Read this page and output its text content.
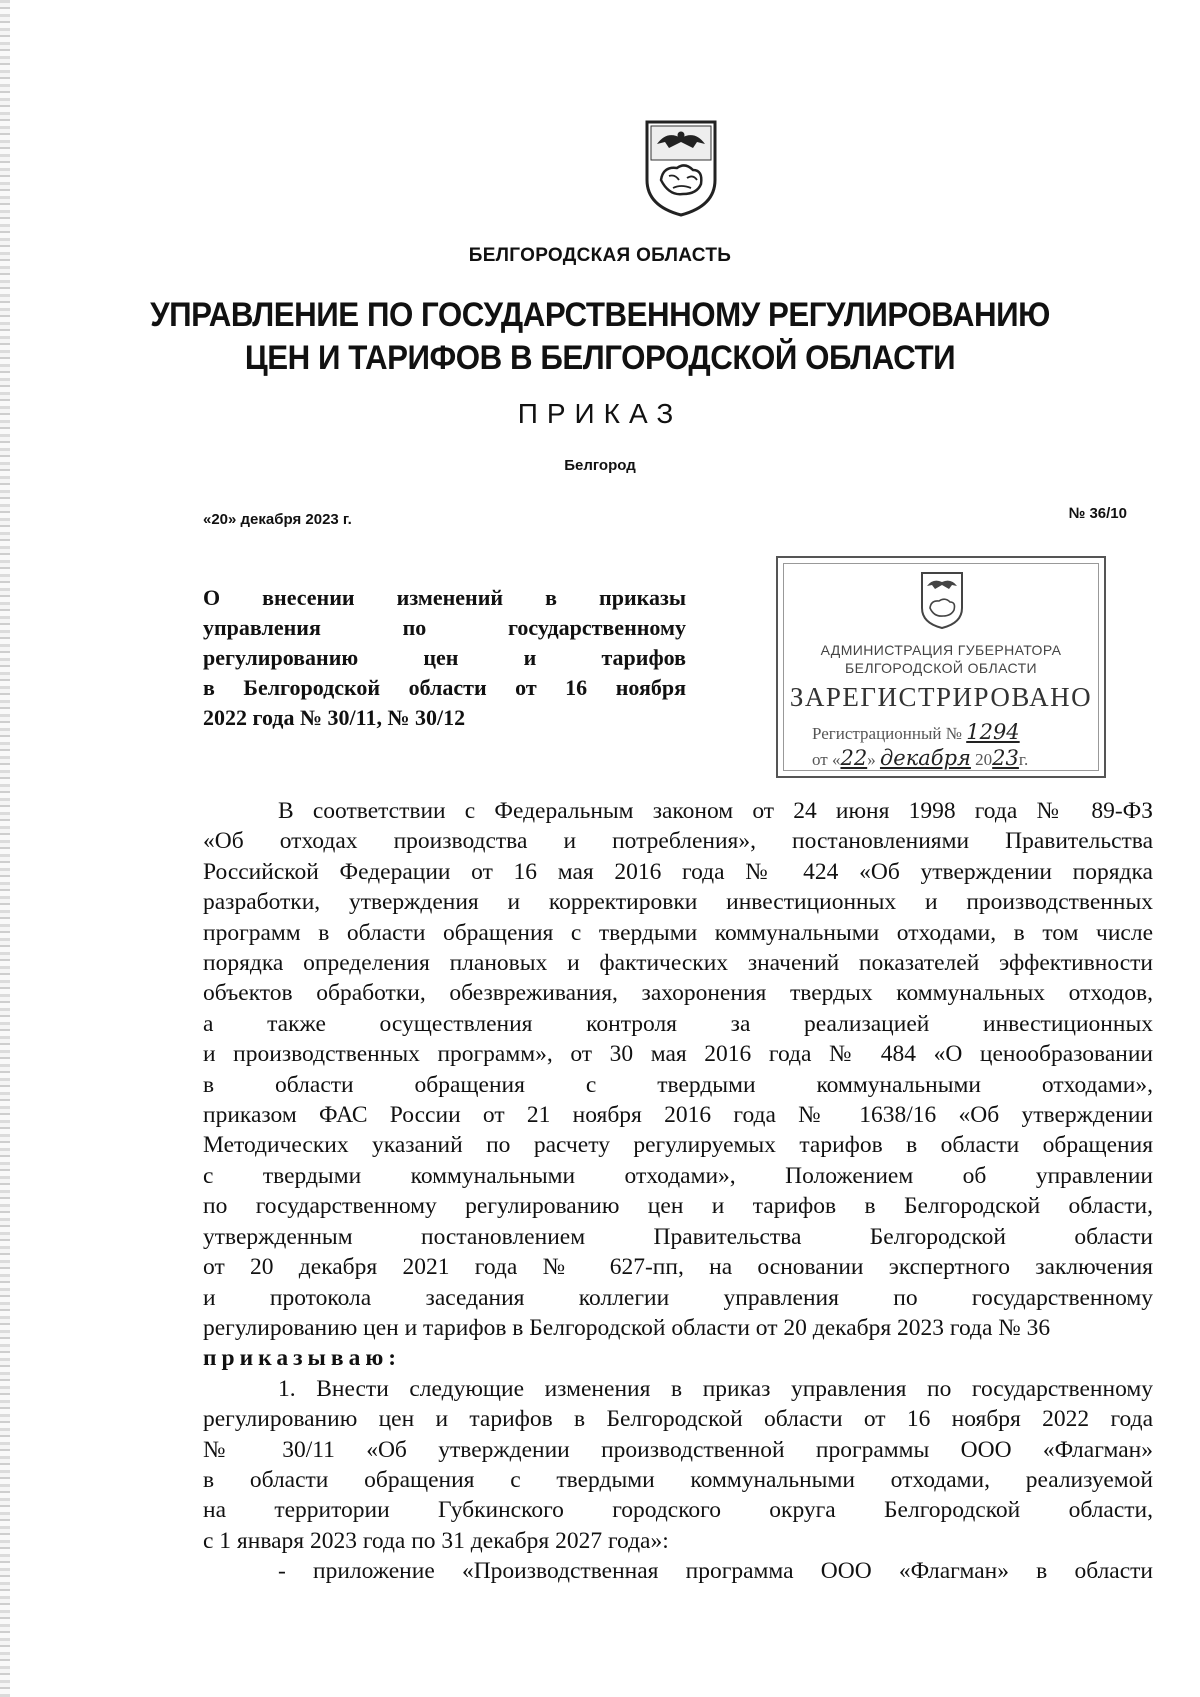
БЕЛГОРОДСКАЯ ОБЛАСТЬ
УПРАВЛЕНИЕ ПО ГОСУДАРСТВЕННОМУ РЕГУЛИРОВАНИЮ
ЦЕН И ТАРИФОВ В БЕЛГОРОДСКОЙ ОБЛАСТИ
ПРИКАЗ
Белгород
«20» декабря 2023 г.	№ 36/10
О внесении изменений в приказы
управления по государственному
регулированию цен и тарифов
в Белгородской области от 16 ноября
2022 года № 30/11, № 30/12
АДМИНИСТРАЦИЯ ГУБЕРНАТОРА
БЕЛГОРОДСКОЙ ОБЛАСТИ
ЗАРЕГИСТРИРОВАНО
Регистрационный № 1294
от «22» декабря 2023г.
В соответствии с Федеральным законом от 24 июня 1998 года № 89-ФЗ
«Об отходах производства и потребления», постановлениями Правительства
Российской Федерации от 16 мая 2016 года № 424 «Об утверждении порядка
разработки, утверждения и корректировки инвестиционных и производственных
программ в области обращения с твердыми коммунальными отходами, в том числе
порядка определения плановых и фактических значений показателей эффективности
объектов обработки, обезвреживания, захоронения твердых коммунальных отходов,
а также осуществления контроля за реализацией инвестиционных
и производственных программ», от 30 мая 2016 года № 484 «О ценообразовании
в области обращения с твердыми коммунальными отходами»,
приказом ФАС России от 21 ноября 2016 года № 1638/16 «Об утверждении
Методических указаний по расчету регулируемых тарифов в области обращения
с твердыми коммунальными отходами», Положением об управлении
по государственному регулированию цен и тарифов в Белгородской области,
утвержденным постановлением Правительства Белгородской области
от 20 декабря 2021 года № 627-пп, на основании экспертного заключения
и протокола заседания коллегии управления по государственному
регулированию цен и тарифов в Белгородской области от 20 декабря 2023 года № 36
приказываю:
1. Внести следующие изменения в приказ управления по государственному
регулированию цен и тарифов в Белгородской области от 16 ноября 2022 года
№ 30/11 «Об утверждении производственной программы ООО «Флагман»
в области обращения с твердыми коммунальными отходами, реализуемой
на территории Губкинского городского округа Белгородской области,
с 1 января 2023 года по 31 декабря 2027 года»:
- приложение «Производственная программа ООО «Флагман» в области
